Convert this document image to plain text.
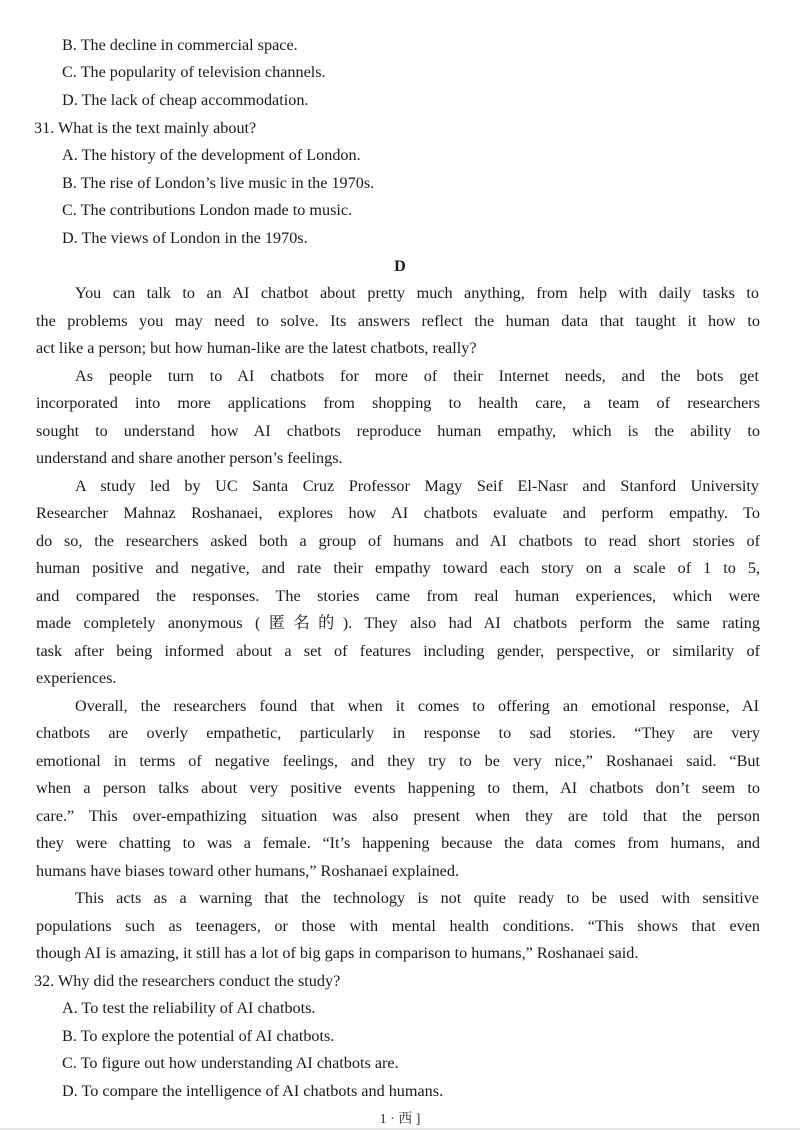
B. The decline in commercial space.
C. The popularity of television channels.
D. The lack of cheap accommodation.
31. What is the text mainly about?
A. The history of the development of London.
B. The rise of London’s live music in the 1970s.
C. The contributions London made to music.
D. The views of London in the 1970s.
D
You can talk to an AI chatbot about pretty much anything, from help with daily tasks to
the problems you may need to solve. Its answers reflect the human data that taught it how to
act like a person; but how human-like are the latest chatbots, really?
As people turn to AI chatbots for more of their Internet needs, and the bots get
incorporated into more applications from shopping to health care, a team of researchers
sought to understand how AI chatbots reproduce human empathy, which is the ability to
understand and share another person’s feelings.
A study led by UC Santa Cruz Professor Magy Seif El-Nasr and Stanford University
Researcher Mahnaz Roshanaei, explores how AI chatbots evaluate and perform empathy. To
do so, the researchers asked both a group of humans and AI chatbots to read short stories of
human positive and negative, and rate their empathy toward each story on a scale of 1 to 5,
and compared the responses. The stories came from real human experiences, which were
made completely anonymous (匿名的). They also had AI chatbots perform the same rating
task after being informed about a set of features including gender, perspective, or similarity of
experiences.
Overall, the researchers found that when it comes to offering an emotional response, AI
chatbots are overly empathetic, particularly in response to sad stories. “They are very
emotional in terms of negative feelings, and they try to be very nice,” Roshanaei said. “But
when a person talks about very positive events happening to them, AI chatbots don’t seem to
care.” This over-empathizing situation was also present when they are told that the person
they were chatting to was a female. “It’s happening because the data comes from humans, and
humans have biases toward other humans,” Roshanaei explained.
This acts as a warning that the technology is not quite ready to be used with sensitive
populations such as teenagers, or those with mental health conditions. “This shows that even
though AI is amazing, it still has a lot of big gaps in comparison to humans,” Roshanaei said.
32. Why did the researchers conduct the study?
A. To test the reliability of AI chatbots.
B. To explore the potential of AI chatbots.
C. To figure out how understanding AI chatbots are.
D. To compare the intelligence of AI chatbots and humans.
1 · 西 ]
